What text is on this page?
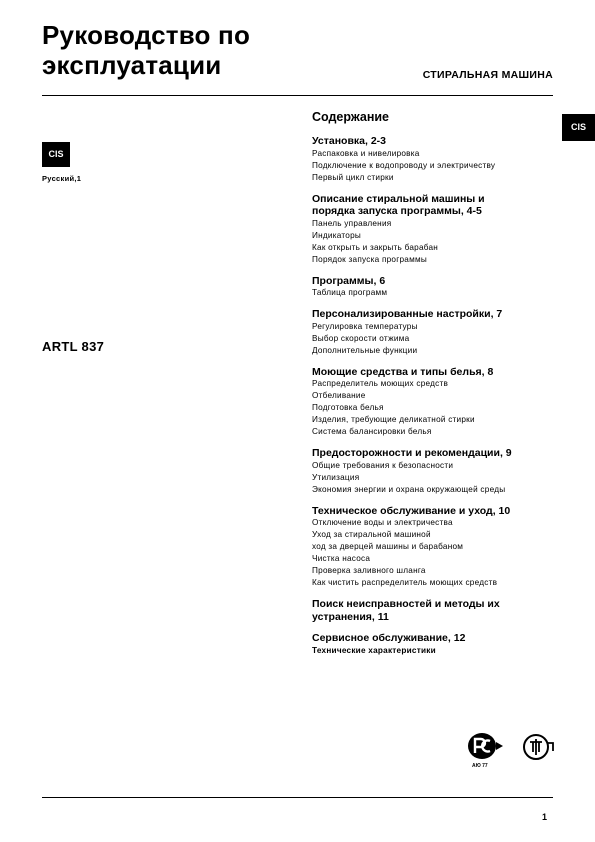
Руководство по
эксплуатации	СТИРАЛЬНАЯ МАШИНА
CIS
Русский,1
ARTL 837
CIS
Содержание
Установка, 2-3
Распаковка и нивелировка
Подключение к водопроводу и электричеству
Первый цикл стирки
Описание стиральной машины и
порядка запуска программы, 4-5
Панель управления
Индикаторы
Как открыть и закрыть барабан
Порядок запуска программы
Программы, 6
Таблица программ
Персонализированные настройки, 7
Регулировка температуры
Выбор скорости отжима
Дополнительные функции
Моющие средства и типы белья, 8
Распределитель моющих средств
Отбеливание
Подготовка белья
Изделия, требующие деликатной стирки
Система балансировки белья
Предосторожности и рекомендации, 9
Общие требования к безопасности
Утилизация
Экономия энергии и охрана окружающей среды
Техническое обслуживание и уход, 10
Отключение воды и электричества
Уход за стиральной машиной
ход за дверцей машины и барабаном
Чистка насоса
Проверка заливного шланга
Как чистить распределитель моющих средств
Поиск неисправностей и методы их
устранения, 11
Сервисное обслуживание, 12
Технические характеристики
AЮ 77
1
